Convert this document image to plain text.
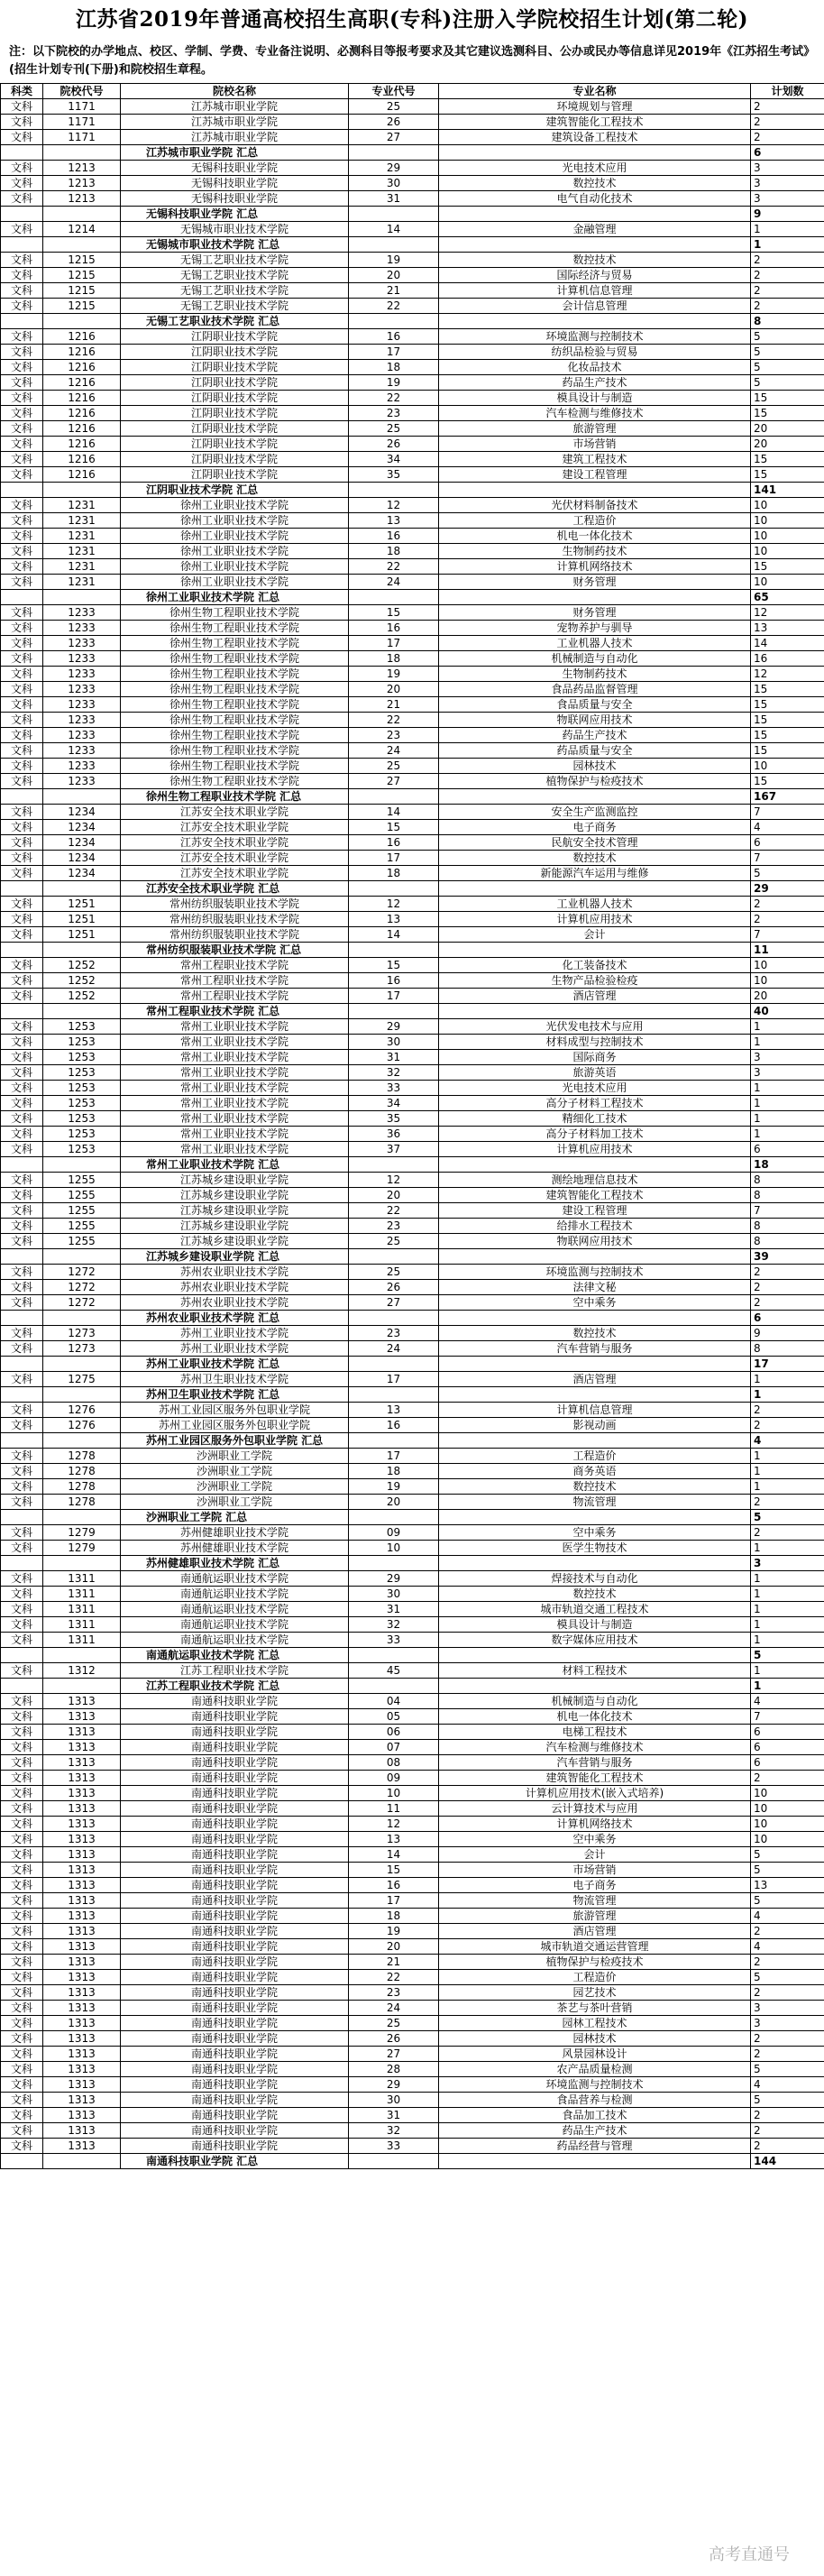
江苏省2019年普通高校招生高职(专科)注册入学院校招生计划(第二轮)
注：以下院校的办学地点、校区、学制、学费、专业备注说明、必测科目等报考要求及其它建议选测科目、公办或民办等信息详见2019年《江苏招生考试》(招生计划专刊(下册)和院校招生章程。
科类	院校代号	院校名称	专业代号	专业名称	计划数
文科	1171	江苏城市职业学院	25	环境规划与管理	2
文科	1171	江苏城市职业学院	26	建筑智能化工程技术	2
文科	1171	江苏城市职业学院	27	建筑设备工程技术	2
		江苏城市职业学院 汇总			6
文科	1213	无锡科技职业学院	29	光电技术应用	3
文科	1213	无锡科技职业学院	30	数控技术	3
文科	1213	无锡科技职业学院	31	电气自动化技术	3
		无锡科技职业学院 汇总			9
文科	1214	无锡城市职业技术学院	14	金融管理	1
		无锡城市职业技术学院 汇总			1
文科	1215	无锡工艺职业技术学院	19	数控技术	2
文科	1215	无锡工艺职业技术学院	20	国际经济与贸易	2
文科	1215	无锡工艺职业技术学院	21	计算机信息管理	2
文科	1215	无锡工艺职业技术学院	22	会计信息管理	2
		无锡工艺职业技术学院 汇总			8
文科	1216	江阴职业技术学院	16	环境监测与控制技术	5
文科	1216	江阴职业技术学院	17	纺织品检验与贸易	5
文科	1216	江阴职业技术学院	18	化妆品技术	5
文科	1216	江阴职业技术学院	19	药品生产技术	5
文科	1216	江阴职业技术学院	22	模具设计与制造	15
文科	1216	江阴职业技术学院	23	汽车检测与维修技术	15
文科	1216	江阴职业技术学院	25	旅游管理	20
文科	1216	江阴职业技术学院	26	市场营销	20
文科	1216	江阴职业技术学院	34	建筑工程技术	15
文科	1216	江阴职业技术学院	35	建设工程管理	15
		江阴职业技术学院 汇总			141
文科	1231	徐州工业职业技术学院	12	光伏材料制备技术	10
文科	1231	徐州工业职业技术学院	13	工程造价	10
文科	1231	徐州工业职业技术学院	16	机电一体化技术	10
文科	1231	徐州工业职业技术学院	18	生物制药技术	10
文科	1231	徐州工业职业技术学院	22	计算机网络技术	15
文科	1231	徐州工业职业技术学院	24	财务管理	10
		徐州工业职业技术学院 汇总			65
文科	1233	徐州生物工程职业技术学院	15	财务管理	12
文科	1233	徐州生物工程职业技术学院	16	宠物养护与驯导	13
文科	1233	徐州生物工程职业技术学院	17	工业机器人技术	14
文科	1233	徐州生物工程职业技术学院	18	机械制造与自动化	16
文科	1233	徐州生物工程职业技术学院	19	生物制药技术	12
文科	1233	徐州生物工程职业技术学院	20	食品药品监督管理	15
文科	1233	徐州生物工程职业技术学院	21	食品质量与安全	15
文科	1233	徐州生物工程职业技术学院	22	物联网应用技术	15
文科	1233	徐州生物工程职业技术学院	23	药品生产技术	15
文科	1233	徐州生物工程职业技术学院	24	药品质量与安全	15
文科	1233	徐州生物工程职业技术学院	25	园林技术	10
文科	1233	徐州生物工程职业技术学院	27	植物保护与检疫技术	15
		徐州生物工程职业技术学院 汇总			167
文科	1234	江苏安全技术职业学院	14	安全生产监测监控	7
文科	1234	江苏安全技术职业学院	15	电子商务	4
文科	1234	江苏安全技术职业学院	16	民航安全技术管理	6
文科	1234	江苏安全技术职业学院	17	数控技术	7
文科	1234	江苏安全技术职业学院	18	新能源汽车运用与维修	5
		江苏安全技术职业学院 汇总			29
文科	1251	常州纺织服装职业技术学院	12	工业机器人技术	2
文科	1251	常州纺织服装职业技术学院	13	计算机应用技术	2
文科	1251	常州纺织服装职业技术学院	14	会计	7
		常州纺织服装职业技术学院 汇总			11
文科	1252	常州工程职业技术学院	15	化工装备技术	10
文科	1252	常州工程职业技术学院	16	生物产品检验检疫	10
文科	1252	常州工程职业技术学院	17	酒店管理	20
		常州工程职业技术学院 汇总			40
文科	1253	常州工业职业技术学院	29	光伏发电技术与应用	1
文科	1253	常州工业职业技术学院	30	材料成型与控制技术	1
文科	1253	常州工业职业技术学院	31	国际商务	3
文科	1253	常州工业职业技术学院	32	旅游英语	3
文科	1253	常州工业职业技术学院	33	光电技术应用	1
文科	1253	常州工业职业技术学院	34	高分子材料工程技术	1
文科	1253	常州工业职业技术学院	35	精细化工技术	1
文科	1253	常州工业职业技术学院	36	高分子材料加工技术	1
文科	1253	常州工业职业技术学院	37	计算机应用技术	6
		常州工业职业技术学院 汇总			18
文科	1255	江苏城乡建设职业学院	12	测绘地理信息技术	8
文科	1255	江苏城乡建设职业学院	20	建筑智能化工程技术	8
文科	1255	江苏城乡建设职业学院	22	建设工程管理	7
文科	1255	江苏城乡建设职业学院	23	给排水工程技术	8
文科	1255	江苏城乡建设职业学院	25	物联网应用技术	8
		江苏城乡建设职业学院 汇总			39
文科	1272	苏州农业职业技术学院	25	环境监测与控制技术	2
文科	1272	苏州农业职业技术学院	26	法律文秘	2
文科	1272	苏州农业职业技术学院	27	空中乘务	2
		苏州农业职业技术学院 汇总			6
文科	1273	苏州工业职业技术学院	23	数控技术	9
文科	1273	苏州工业职业技术学院	24	汽车营销与服务	8
		苏州工业职业技术学院 汇总			17
文科	1275	苏州卫生职业技术学院	17	酒店管理	1
		苏州卫生职业技术学院 汇总			1
文科	1276	苏州工业园区服务外包职业学院	13	计算机信息管理	2
文科	1276	苏州工业园区服务外包职业学院	16	影视动画	2
		苏州工业园区服务外包职业学院 汇总			4
文科	1278	沙洲职业工学院	17	工程造价	1
文科	1278	沙洲职业工学院	18	商务英语	1
文科	1278	沙洲职业工学院	19	数控技术	1
文科	1278	沙洲职业工学院	20	物流管理	2
		沙洲职业工学院 汇总			5
文科	1279	苏州健雄职业技术学院	09	空中乘务	2
文科	1279	苏州健雄职业技术学院	10	医学生物技术	1
		苏州健雄职业技术学院 汇总			3
文科	1311	南通航运职业技术学院	29	焊接技术与自动化	1
文科	1311	南通航运职业技术学院	30	数控技术	1
文科	1311	南通航运职业技术学院	31	城市轨道交通工程技术	1
文科	1311	南通航运职业技术学院	32	模具设计与制造	1
文科	1311	南通航运职业技术学院	33	数字媒体应用技术	1
		南通航运职业技术学院 汇总			5
文科	1312	江苏工程职业技术学院	45	材料工程技术	1
		江苏工程职业技术学院 汇总			1
文科	1313	南通科技职业学院	04	机械制造与自动化	4
文科	1313	南通科技职业学院	05	机电一体化技术	7
文科	1313	南通科技职业学院	06	电梯工程技术	6
文科	1313	南通科技职业学院	07	汽车检测与维修技术	6
文科	1313	南通科技职业学院	08	汽车营销与服务	6
文科	1313	南通科技职业学院	09	建筑智能化工程技术	2
文科	1313	南通科技职业学院	10	计算机应用技术(嵌入式培养)	10
文科	1313	南通科技职业学院	11	云计算技术与应用	10
文科	1313	南通科技职业学院	12	计算机网络技术	10
文科	1313	南通科技职业学院	13	空中乘务	10
文科	1313	南通科技职业学院	14	会计	5
文科	1313	南通科技职业学院	15	市场营销	5
文科	1313	南通科技职业学院	16	电子商务	13
文科	1313	南通科技职业学院	17	物流管理	5
文科	1313	南通科技职业学院	18	旅游管理	4
文科	1313	南通科技职业学院	19	酒店管理	2
文科	1313	南通科技职业学院	20	城市轨道交通运营管理	4
文科	1313	南通科技职业学院	21	植物保护与检疫技术	2
文科	1313	南通科技职业学院	22	工程造价	5
文科	1313	南通科技职业学院	23	园艺技术	2
文科	1313	南通科技职业学院	24	茶艺与茶叶营销	3
文科	1313	南通科技职业学院	25	园林工程技术	3
文科	1313	南通科技职业学院	26	园林技术	2
文科	1313	南通科技职业学院	27	风景园林设计	2
文科	1313	南通科技职业学院	28	农产品质量检测	5
文科	1313	南通科技职业学院	29	环境监测与控制技术	4
文科	1313	南通科技职业学院	30	食品营养与检测	5
文科	1313	南通科技职业学院	31	食品加工技术	2
文科	1313	南通科技职业学院	32	药品生产技术	2
文科	1313	南通科技职业学院	33	药品经营与管理	2
		南通科技职业学院 汇总			144
高考直通号
